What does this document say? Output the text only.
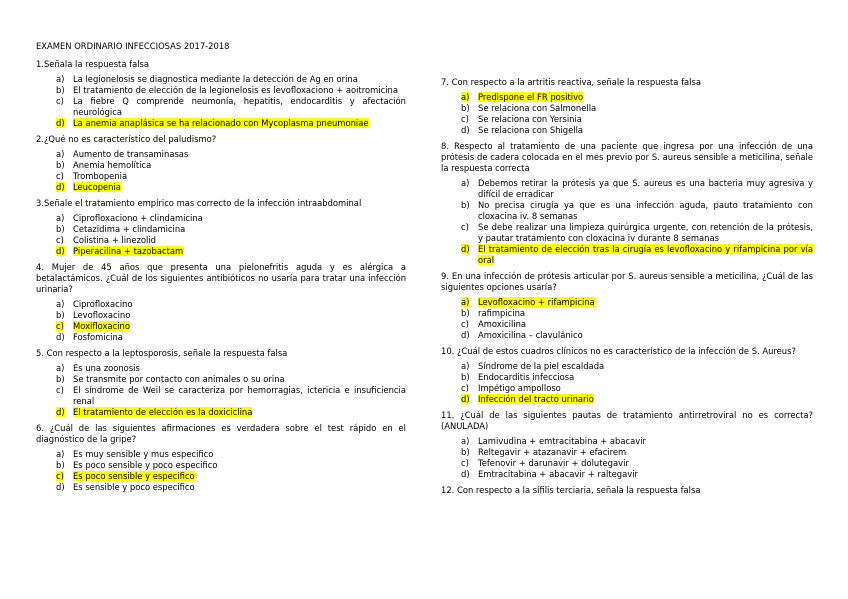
EXAMEN ORDINARIO INFECCIOSAS 2017-2018
1.Señala la respuesta falsa
a)	La legionelosis se diagnostica mediante la detección de Ag en orina
b)	El tratamiento de elección de la legionelosis es levofloxaciono + aoitromicina
c)	La fiebre Q comprende neumonía, hepatitis, endocarditis y afectación neurológica
d)	La anemia anaplásica se ha relacionado con Mycoplasma pneumoniae
2.¿Qué no es característico del paludismo?
a)	Aumento de transaminasas
b)	Anemia hemolítica
c)	Trombopenia
d)	Leucopenia
3.Señale el tratamiento empírico mas correcto de la infección intraabdominal
a)	Ciprofloxaciono + clindamicina
b)	Cetazidima + clindamicina
c)	Colistina + linezolid
d)	Piperacilina + tazobactam
4. Mujer de 45 años que presenta una pielonefritis aguda y es alérgica a betalactámicos. ¿Cuál de los siguientes antibióticos no usaría para tratar una infección urinaria?
a)	Ciprofloxacino
b)	Levofloxacino
c)	Moxifloxacino
d)	Fosfomicina
5. Con respecto a la leptosporosis, señale la respuesta falsa
a)	Es una zoonosis
b)	Se transmite por contacto con animales o su orina
c)	El síndrome de Weil se caracteriza por hemorragias, ictericia e insuficiencia renal
d)	El tratamiento de elección es la doxiciclina
6. ¿Cuál de las siguientes afirmaciones es verdadera sobre el test rápido en el diagnóstico de la gripe?
a)	Es muy sensible y mus especifico
b)	Es poco sensible y poco especifico
c)	Es poco sensible y especifico
d)	Es sensible y poco especifico
7. Con respecto a la artritis reactiva, señale la respuesta falsa
a)	Predispone el FR positivo
b)	Se relaciona con Salmonella
c)	Se relaciona con Yersinia
d)	Se relaciona con Shigella
8. Respecto al tratamiento de una paciente que ingresa por una infección de una prótesis de cadera colocada en el mes previo por S. aureus sensible a meticilina, señale la respuesta correcta
a)	Debemos retirar la prótesis ya que S. aureus es una bacteria muy agresiva y difícil de erradicar
b)	No precisa cirugía ya que es una infección aguda, pauto tratamiento con cloxacina iv. 8 semanas
c)	Se debe realizar una limpieza quirúrgica urgente, con retención de la prótesis, y pautar tratamiento con cloxacina iv durante 8 semanas
d)	El tratamiento de elección tras la cirugía es levofloxacino y rifampicina por vía oral
9. En una infección de prótesis articular por S. aureus sensible a meticilina, ¿Cuál de las siguientes opciones usaría?
a)	Levofloxacino + rifampicina
b)	rafimpicina
c)	Amoxicilina
d)	Amoxicilina – clavulánico
10. ¿Cuál de estos cuadros clínicos no es característico de la infección de S. Aureus?
a)	Síndrome de la piel escaldada
b)	Endocarditis infecciosa
c)	Impétigo ampolloso
d)	Infección del tracto urinario
11. ¿Cuál de las siguientes pautas de tratamiento antirretroviral no es correcta? (ANULADA)
a)	Lamivudina + emtracitabina + abacavir
b)	Reltegavir + atazanavir + efacirem
c)	Tefenovir + darunavir + dolutegavir
d)	Emtracitabina + abacavir + raltegavir
12. Con respecto a la sífilis terciaria, señala la respuesta falsa
